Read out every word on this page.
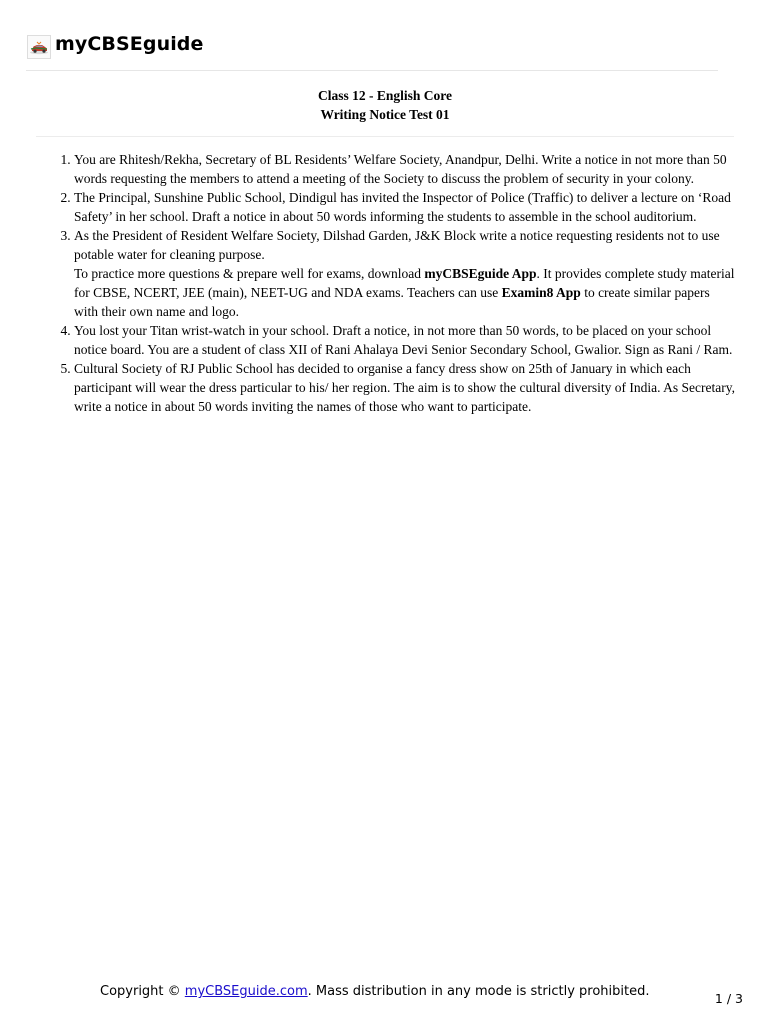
myCBSEguide
Class 12 - English Core
Writing Notice Test 01
1. You are Rhitesh/Rekha, Secretary of BL Residents’ Welfare Society, Anandpur, Delhi. Write a notice in not more than 50 words requesting the members to attend a meeting of the Society to discuss the problem of security in your colony.
2. The Principal, Sunshine Public School, Dindigul has invited the Inspector of Police (Traffic) to deliver a lecture on ‘Road Safety’ in her school. Draft a notice in about 50 words informing the students to assemble in the school auditorium.
3. As the President of Resident Welfare Society, Dilshad Garden, J&K Block write a notice requesting residents not to use potable water for cleaning purpose.
To practice more questions & prepare well for exams, download myCBSEguide App. It provides complete study material for CBSE, NCERT, JEE (main), NEET-UG and NDA exams. Teachers can use Examin8 App to create similar papers with their own name and logo.
4. You lost your Titan wrist-watch in your school. Draft a notice, in not more than 50 words, to be placed on your school notice board. You are a student of class XII of Rani Ahalaya Devi Senior Secondary School, Gwalior. Sign as Rani / Ram.
5. Cultural Society of RJ Public School has decided to organise a fancy dress show on 25th of January in which each participant will wear the dress particular to his/ her region. The aim is to show the cultural diversity of India. As Secretary, write a notice in about 50 words inviting the names of those who want to participate.
Copyright © myCBSEguide.com. Mass distribution in any mode is strictly prohibited.	1 / 3
